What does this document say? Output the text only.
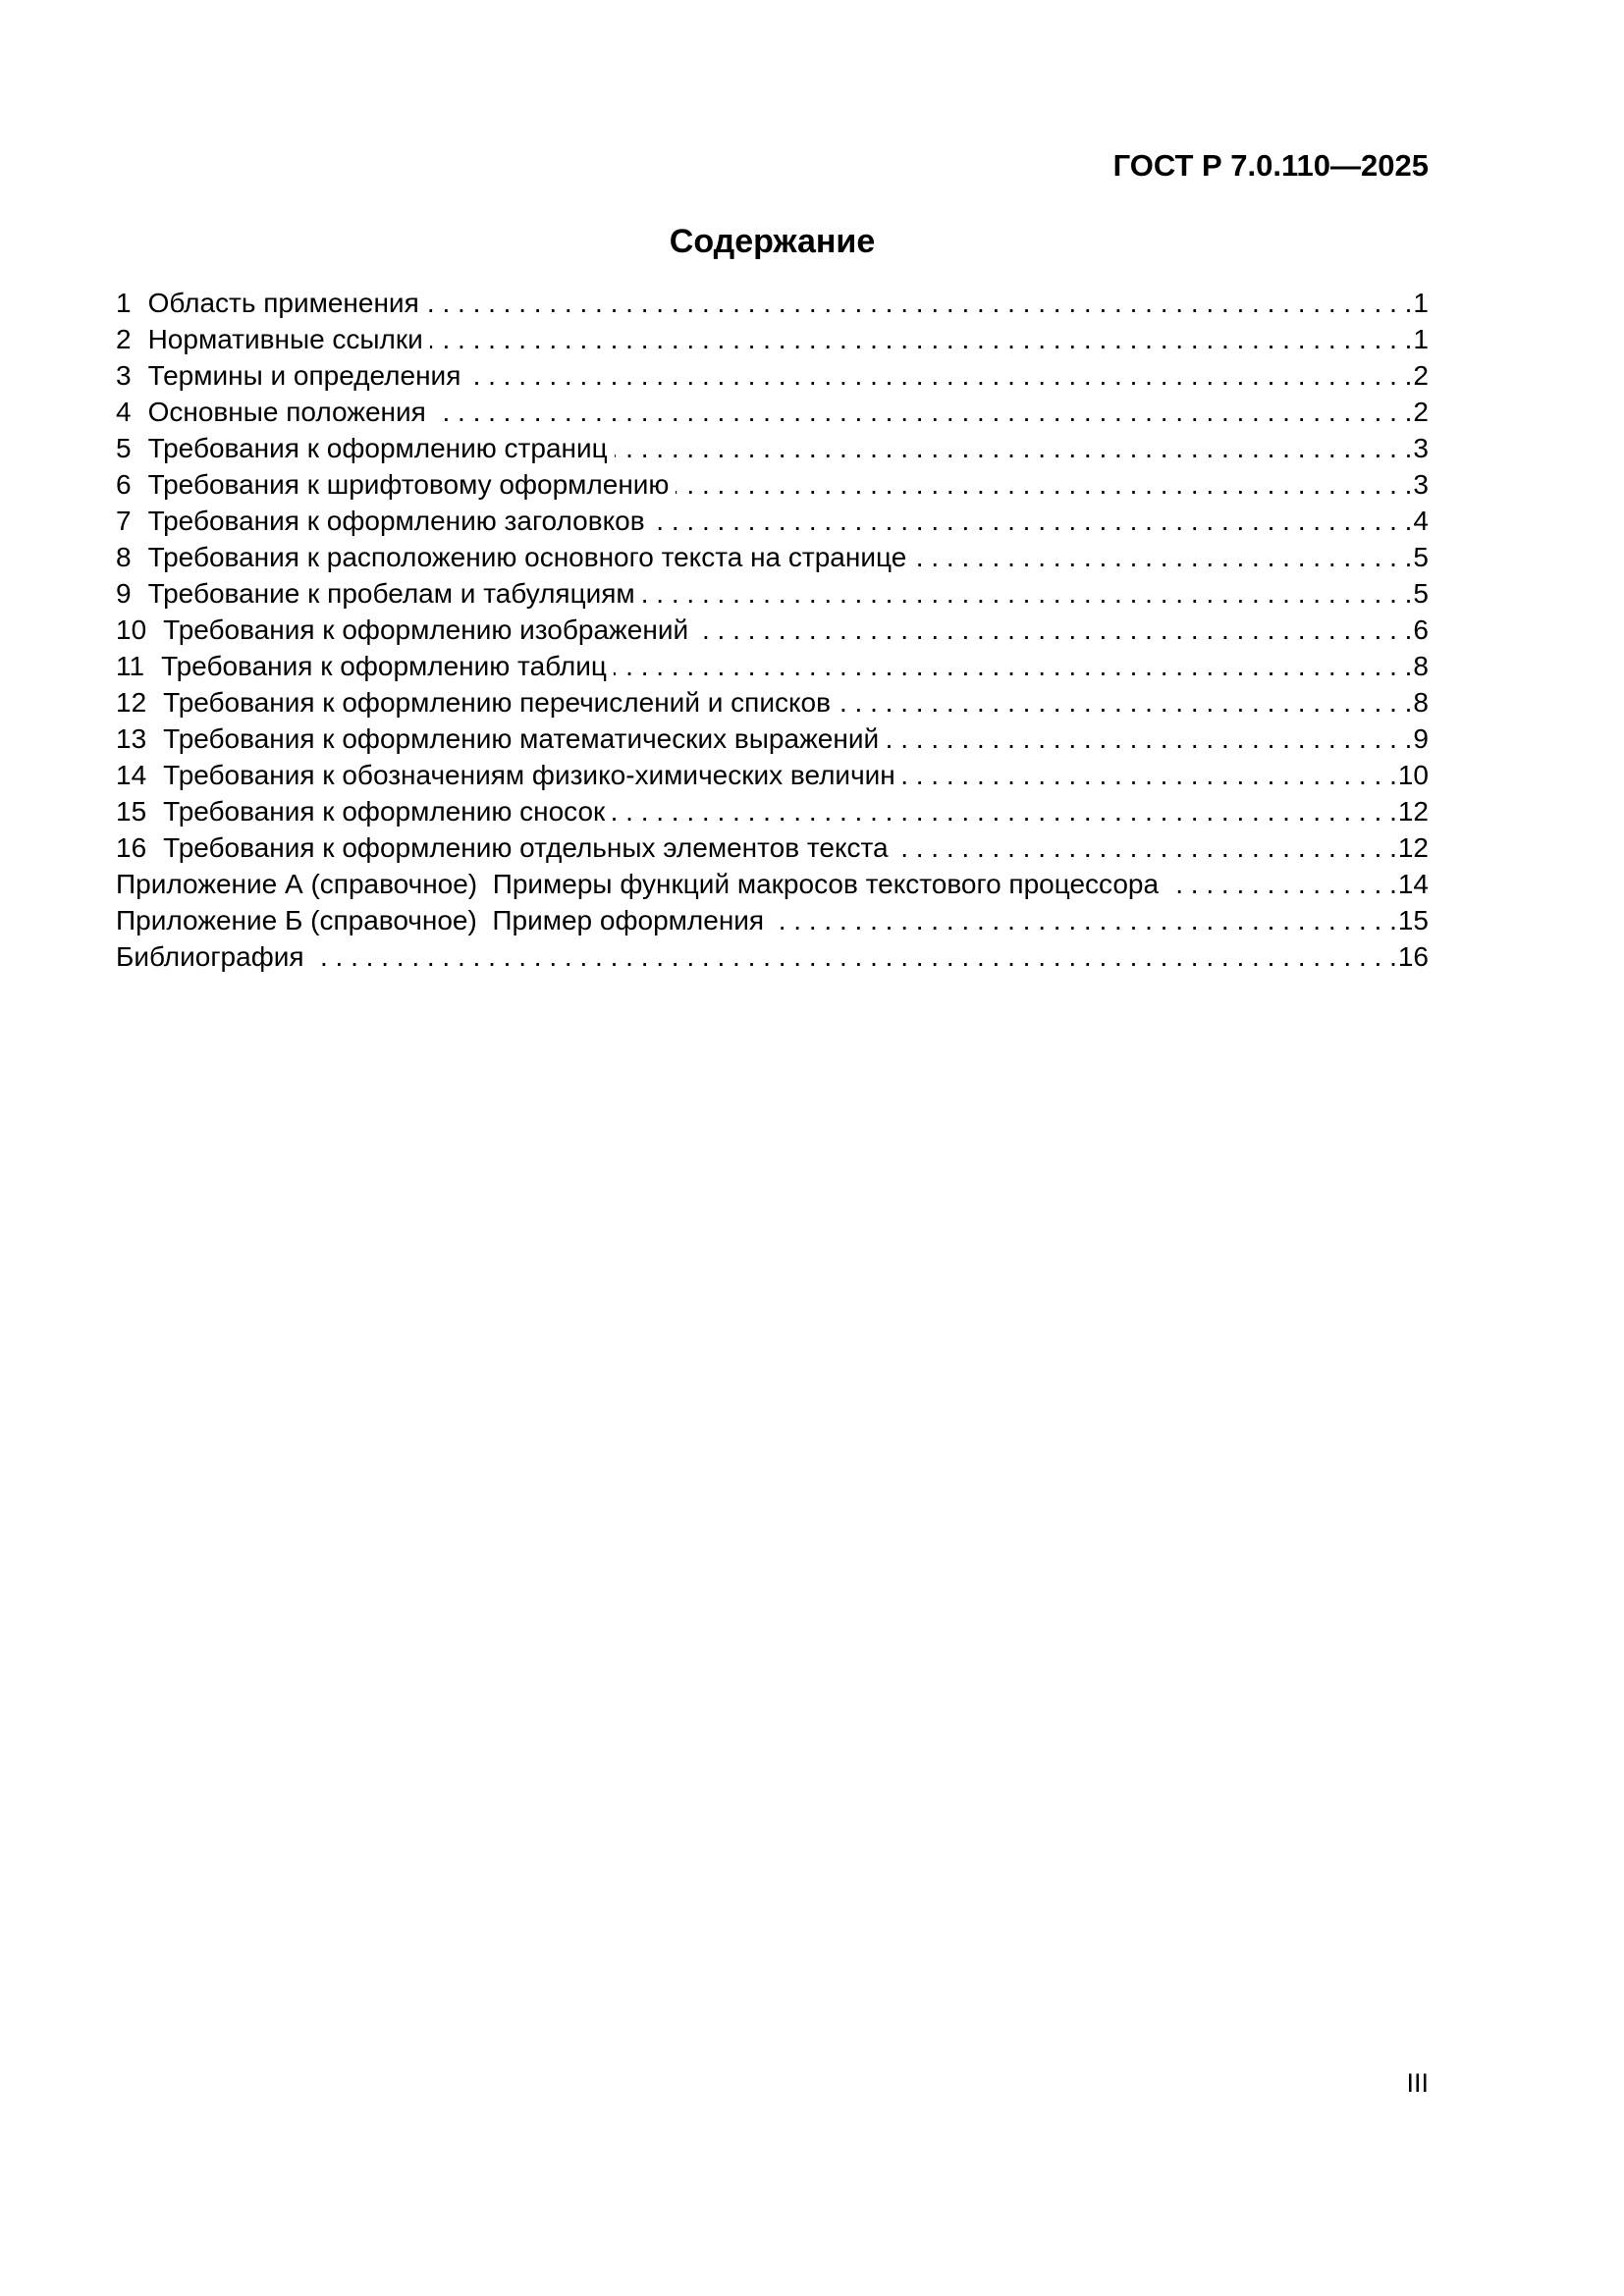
ГОСТ Р 7.0.110—2025
Содержание
1 Область применения . . .	1
2 Нормативные ссылки . . .	1
3 Термины и определения . . .	2
4 Основные положения . . .	2
5 Требования к оформлению страниц . . .	3
6 Требования к шрифтовому оформлению . . .	3
7 Требования к оформлению заголовков . . .	4
8 Требования к расположению основного текста на странице . . .	5
9 Требование к пробелам и табуляциям . . .	5
10 Требования к оформлению изображений . . .	6
11 Требования к оформлению таблиц . . .	8
12 Требования к оформлению перечислений и списков . . .	8
13 Требования к оформлению математических выражений . . .	9
14 Требования к обозначениям физико-химических величин . . .	10
15 Требования к оформлению сносок . . .	12
16 Требования к оформлению отдельных элементов текста . . .	12
Приложение А (справочное)  Примеры функций макросов текстового процессора . . .	14
Приложение Б (справочное)  Пример оформления . . .	15
Библиография . . .	16
III
